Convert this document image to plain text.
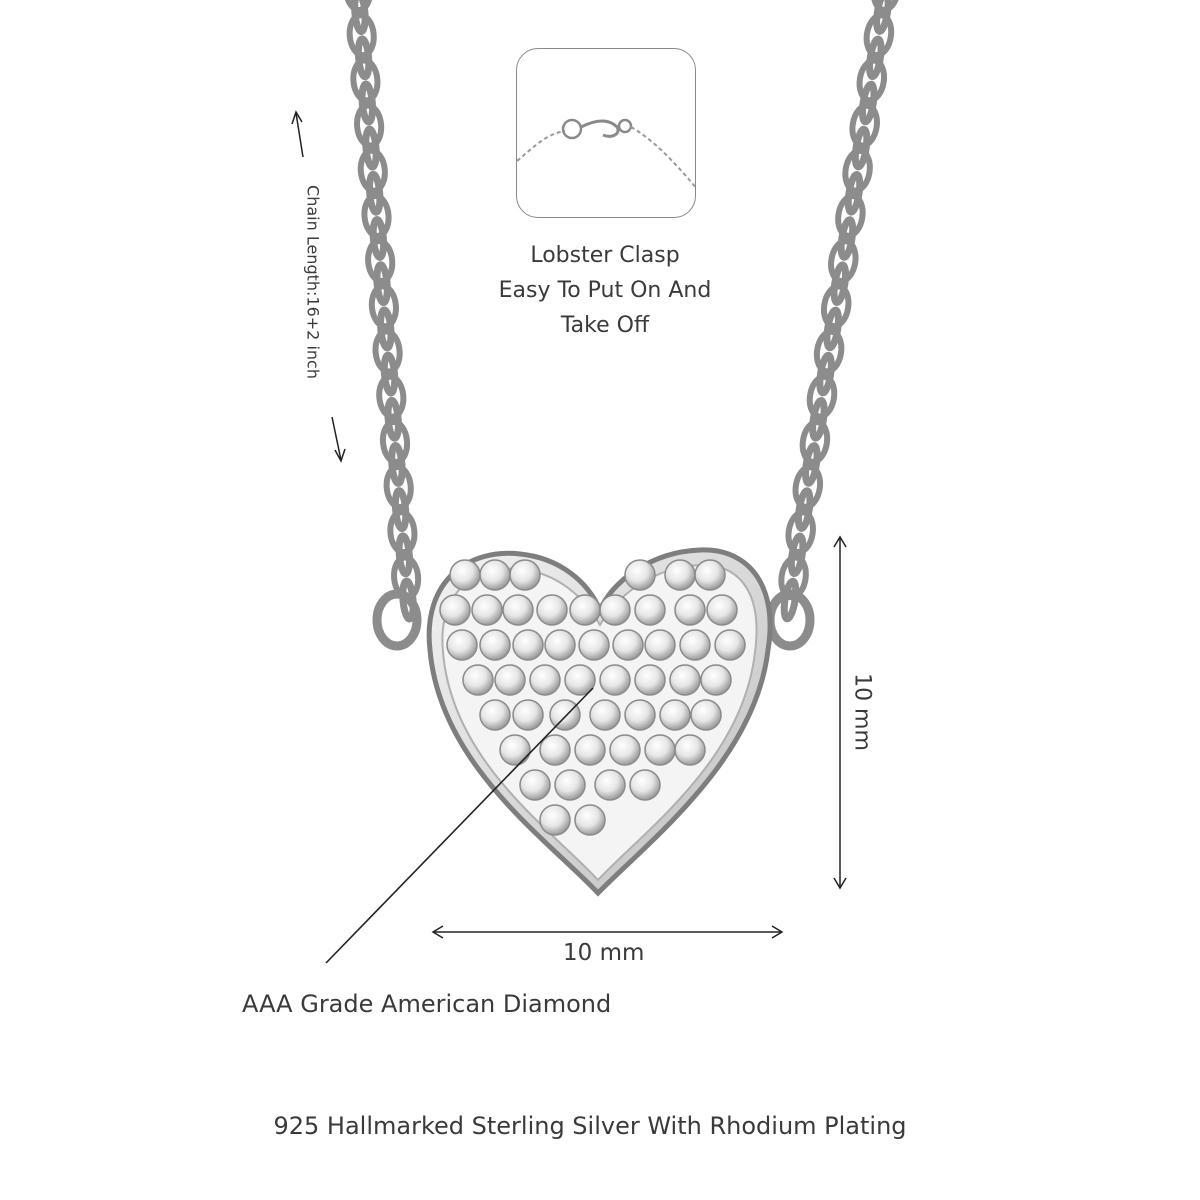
Lobster Clasp
Easy To Put On And
Take Off
Chain Length:16+2 inch
10 mm
10 mm
AAA Grade American Diamond
925 Hallmarked Sterling Silver With Rhodium Plating
